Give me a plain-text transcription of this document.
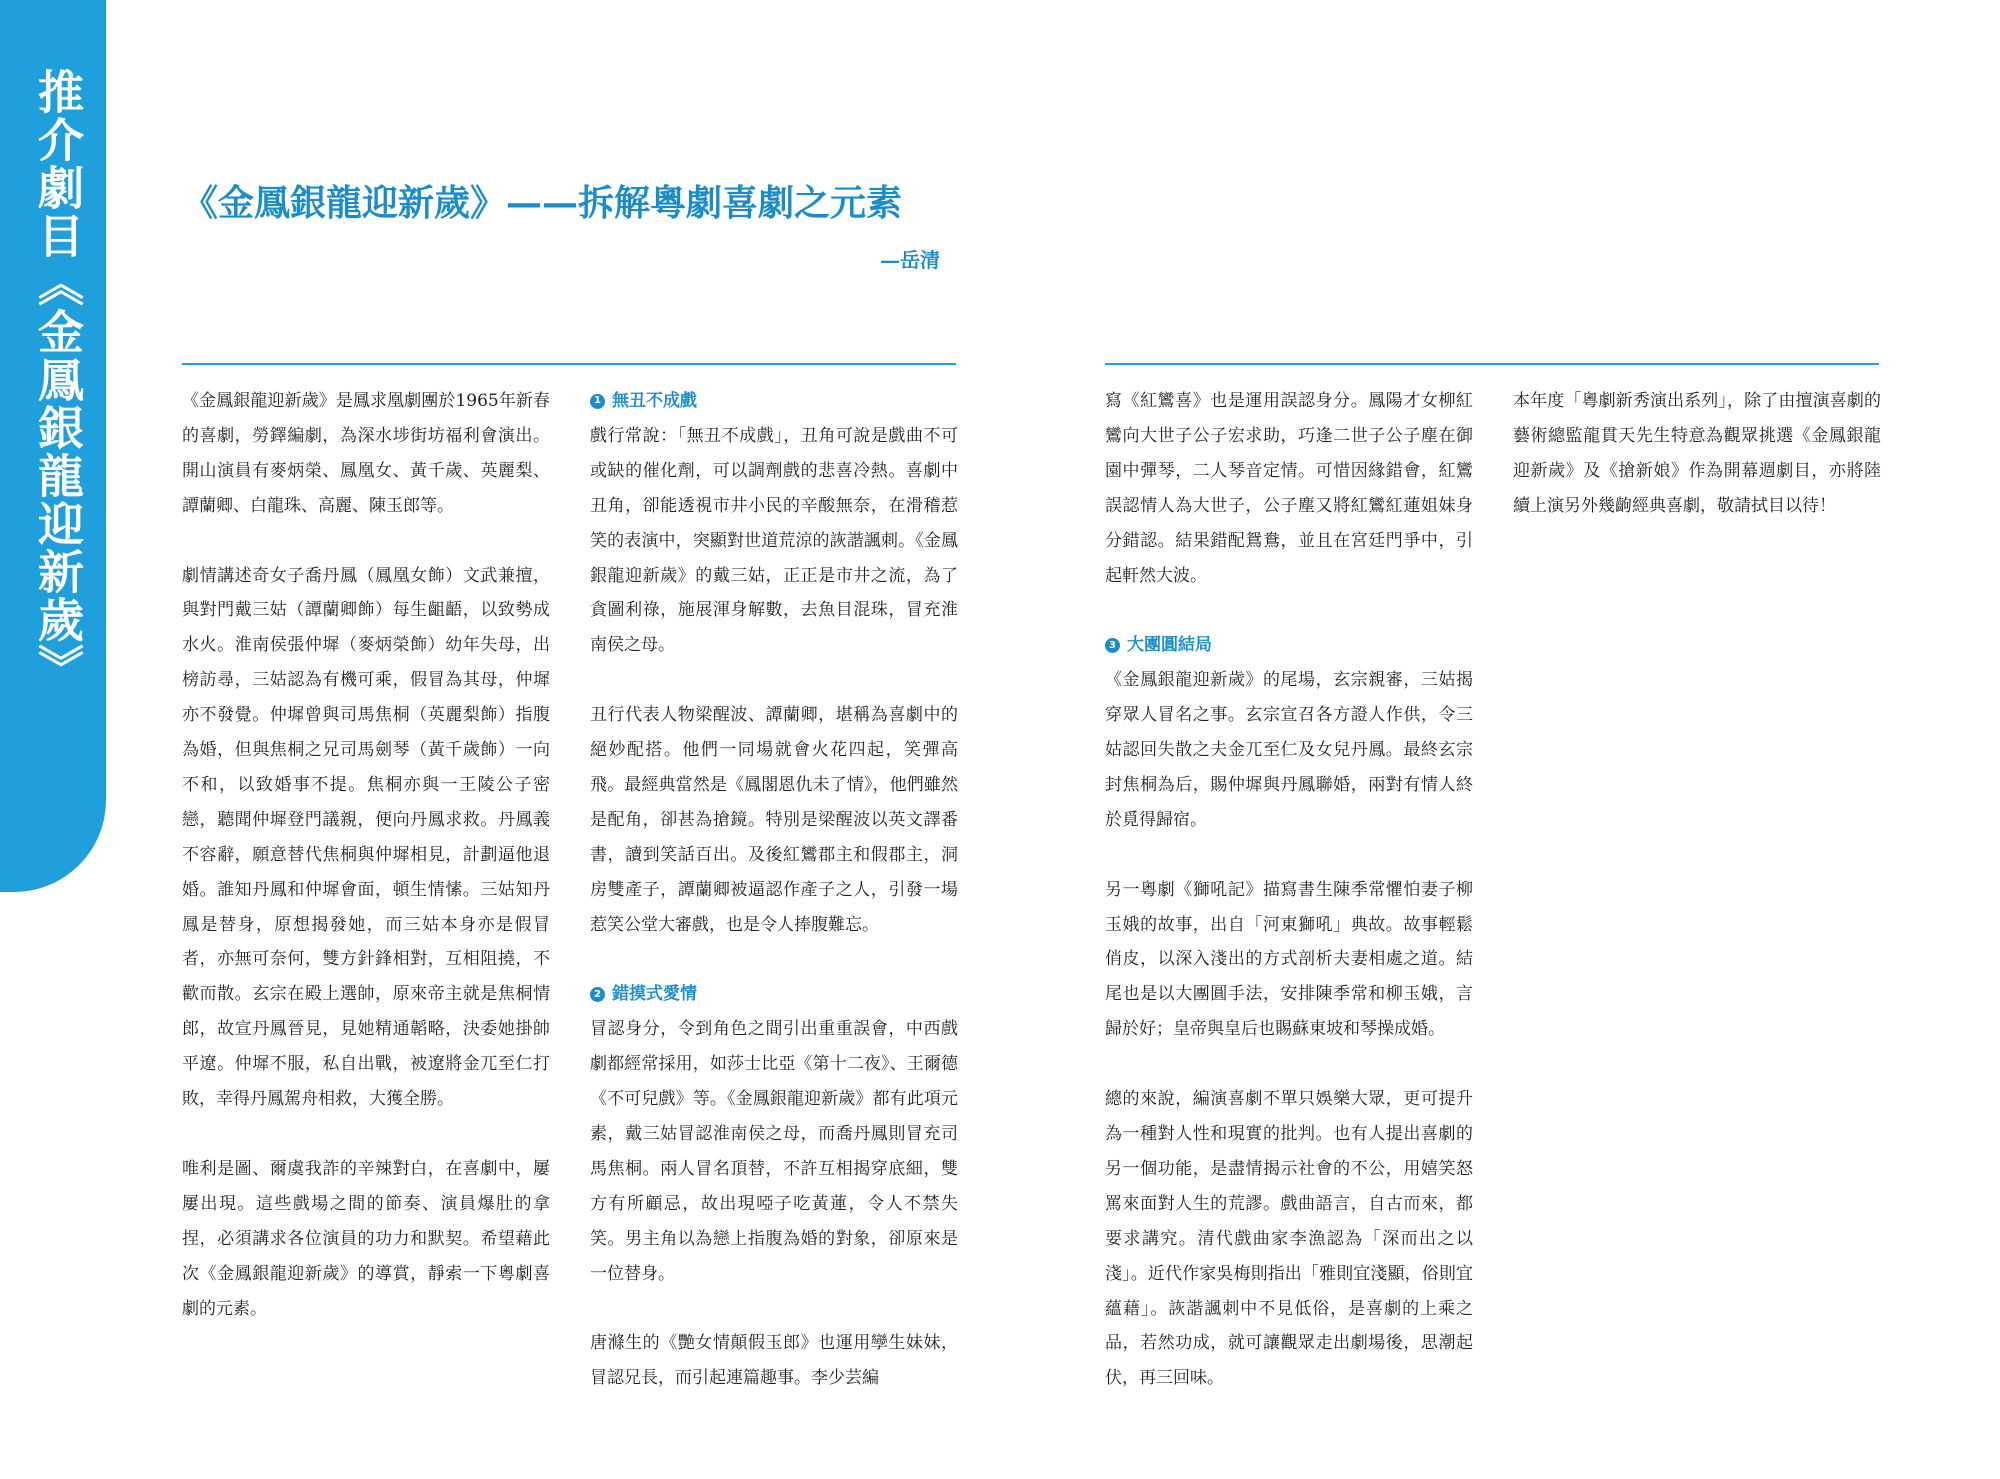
推介劇目《金鳳銀龍迎新歲》	《金鳳銀龍迎新歲》——拆解粵劇喜劇之元素
—岳清

《金鳳銀龍迎新歲》是鳳求凰劇團於1965年新春的喜劇，勞鐸編劇，為深水埗街坊福利會演出。開山演員有麥炳榮、鳳凰女、黃千歲、英麗梨、譚蘭卿、白龍珠、高麗、陳玉郎等。

劇情講述奇女子喬丹鳳（鳳凰女飾）文武兼擅，與對門戴三姑（譚蘭卿飾）每生齟齬，以致勢成水火。淮南侯張仲墀（麥炳榮飾）幼年失母，出榜訪尋，三姑認為有機可乘，假冒為其母，仲墀亦不發覺。仲墀曾與司馬焦桐（英麗梨飾）指腹為婚，但與焦桐之兄司馬劍琴（黃千歲飾）一向不和，以致婚事不提。焦桐亦與一王陵公子密戀，聽聞仲墀登門議親，便向丹鳳求救。丹鳳義不容辭，願意替代焦桐與仲墀相見，計劃逼他退婚。誰知丹鳳和仲墀會面，頓生情愫。三姑知丹鳳是替身，原想揭發她，而三姑本身亦是假冒者，亦無可奈何，雙方針鋒相對，互相阻撓，不歡而散。玄宗在殿上選帥，原來帝主就是焦桐情郎，故宣丹鳳晉見，見她精通韜略，決委她掛帥平遼。仲墀不服，私自出戰，被遼將金兀至仁打敗，幸得丹鳳駕舟相救，大獲全勝。

唯利是圖、爾虞我詐的辛辣對白，在喜劇中，屢屢出現。這些戲場之間的節奏、演員爆肚的拿捏，必須講求各位演員的功力和默契。希望藉此次《金鳳銀龍迎新歲》的導賞，靜索一下粵劇喜劇的元素。

1 無丑不成戲

戲行常說：「無丑不成戲」，丑角可說是戲曲不可或缺的催化劑，可以調劑戲的悲喜冷熱。喜劇中丑角，卻能透視市井小民的辛酸無奈，在滑稽惹笑的表演中，突顯對世道荒涼的詼諧諷刺。《金鳳銀龍迎新歲》的戴三姑，正正是市井之流，為了貪圖利祿，施展渾身解數，去魚目混珠，冒充淮南侯之母。

丑行代表人物梁醒波、譚蘭卿，堪稱為喜劇中的絕妙配搭。他們一同場就會火花四起，笑彈高飛。最經典當然是《鳳閣恩仇未了情》，他們雖然是配角，卻甚為搶鏡。特別是梁醒波以英文譯番書，讀到笑話百出。及後紅鸞郡主和假郡主，洞房雙產子，譚蘭卿被逼認作產子之人，引發一場惹笑公堂大審戲，也是令人捧腹難忘。

2 錯摸式愛情

冒認身分，令到角色之間引出重重誤會，中西戲劇都經常採用，如莎士比亞《第十二夜》、王爾德《不可兒戲》等。《金鳳銀龍迎新歲》都有此項元素，戴三姑冒認淮南侯之母，而喬丹鳳則冒充司馬焦桐。兩人冒名頂替，不許互相揭穿底細，雙方有所顧忌，故出現啞子吃黃蓮，令人不禁失笑。男主角以為戀上指腹為婚的對象，卻原來是一位替身。

唐滌生的《艷女情顛假玉郎》也運用孿生妹妹，冒認兄長，而引起連篇趣事。李少芸編

寫《紅鸞喜》也是運用誤認身分。鳳陽才女柳紅鸞向大世子公子宏求助，巧逢二世子公子塵在御園中彈琴，二人琴音定情。可惜因緣錯會，紅鸞誤認情人為大世子，公子塵又將紅鸞紅蓮姐妹身分錯認。結果錯配鴛鴦，並且在宮廷門爭中，引起軒然大波。

3 大團圓結局

《金鳳銀龍迎新歲》的尾場，玄宗親審，三姑揭穿眾人冒名之事。玄宗宣召各方證人作供，令三姑認回失散之夫金兀至仁及女兒丹鳳。最終玄宗封焦桐為后，賜仲墀與丹鳳聯婚，兩對有情人終於覓得歸宿。

另一粵劇《獅吼記》描寫書生陳季常懼怕妻子柳玉娥的故事，出自「河東獅吼」典故。故事輕鬆俏皮，以深入淺出的方式剖析夫妻相處之道。結尾也是以大團圓手法，安排陳季常和柳玉娥，言歸於好；皇帝與皇后也賜蘇東坡和琴操成婚。

總的來說，編演喜劇不單只娛樂大眾，更可提升為一種對人性和現實的批判。也有人提出喜劇的另一個功能，是盡情揭示社會的不公，用嬉笑怒罵來面對人生的荒謬。戲曲語言，自古而來，都要求講究。清代戲曲家李漁認為「深而出之以淺」。近代作家吳梅則指出「雅則宜淺顯，俗則宜蘊藉」。詼諧諷刺中不見低俗，是喜劇的上乘之品，若然功成，就可讓觀眾走出劇場後，思潮起伏，再三回味。

本年度「粵劇新秀演出系列」，除了由擅演喜劇的藝術總監龍貫天先生特意為觀眾挑選《金鳳銀龍迎新歲》及《搶新娘》作為開幕週劇目，亦將陸續上演另外幾齣經典喜劇，敬請拭目以待！
